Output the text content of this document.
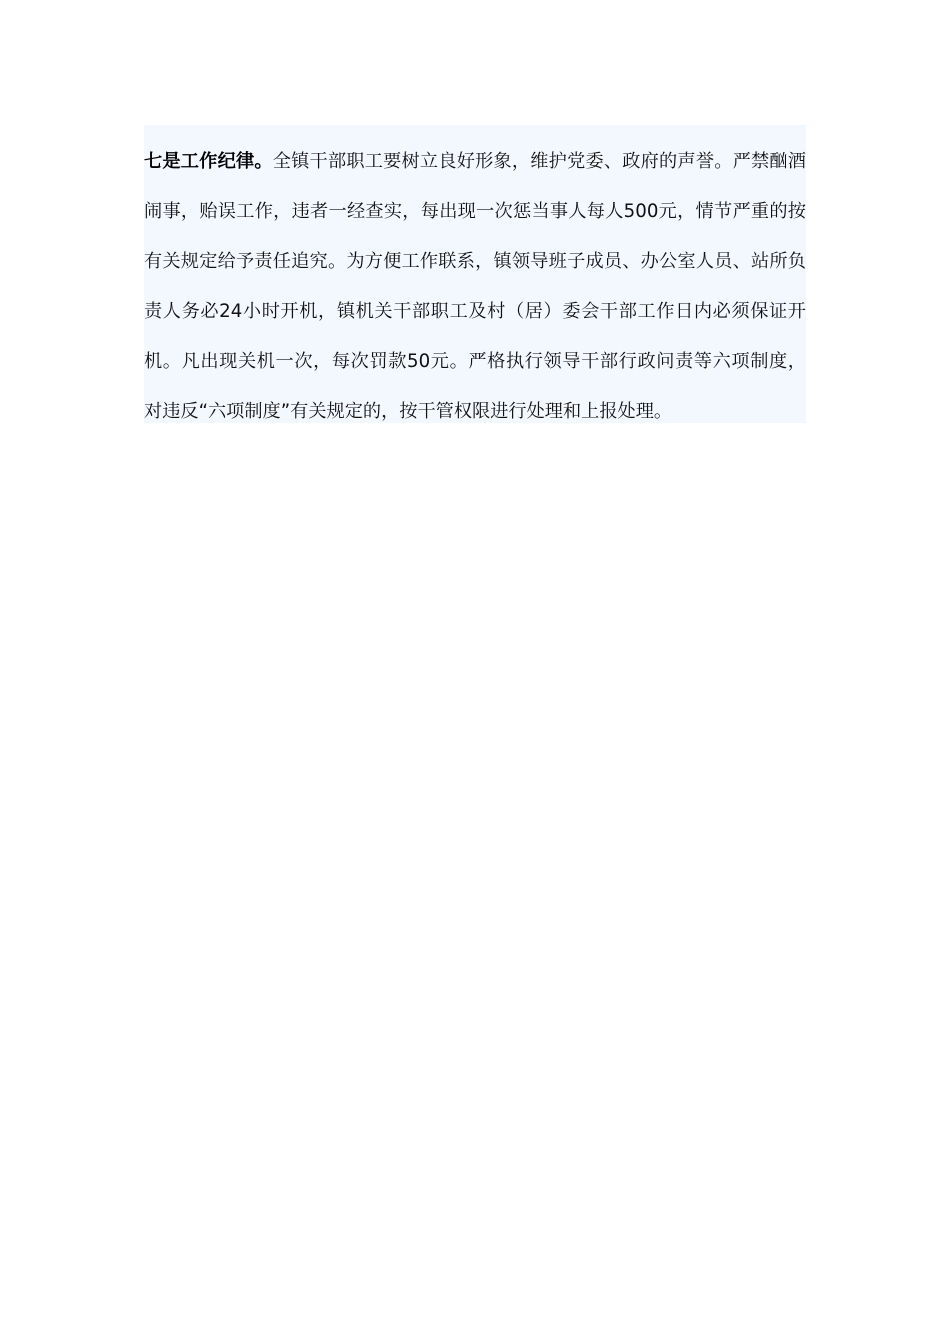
七是工作纪律。全镇干部职工要树立良好形象，维护党委、政府的声誉。严禁酗酒
闹事，贻误工作，违者一经查实，每出现一次惩当事人每人500元，情节严重的按
有关规定给予责任追究。为方便工作联系，镇领导班子成员、办公室人员、站所负
责人务必24小时开机，镇机关干部职工及村（居）委会干部工作日内必须保证开
机。凡出现关机一次，每次罚款50元。严格执行领导干部行政问责等六项制度，
对违反“六项制度”有关规定的，按干管权限进行处理和上报处理。
